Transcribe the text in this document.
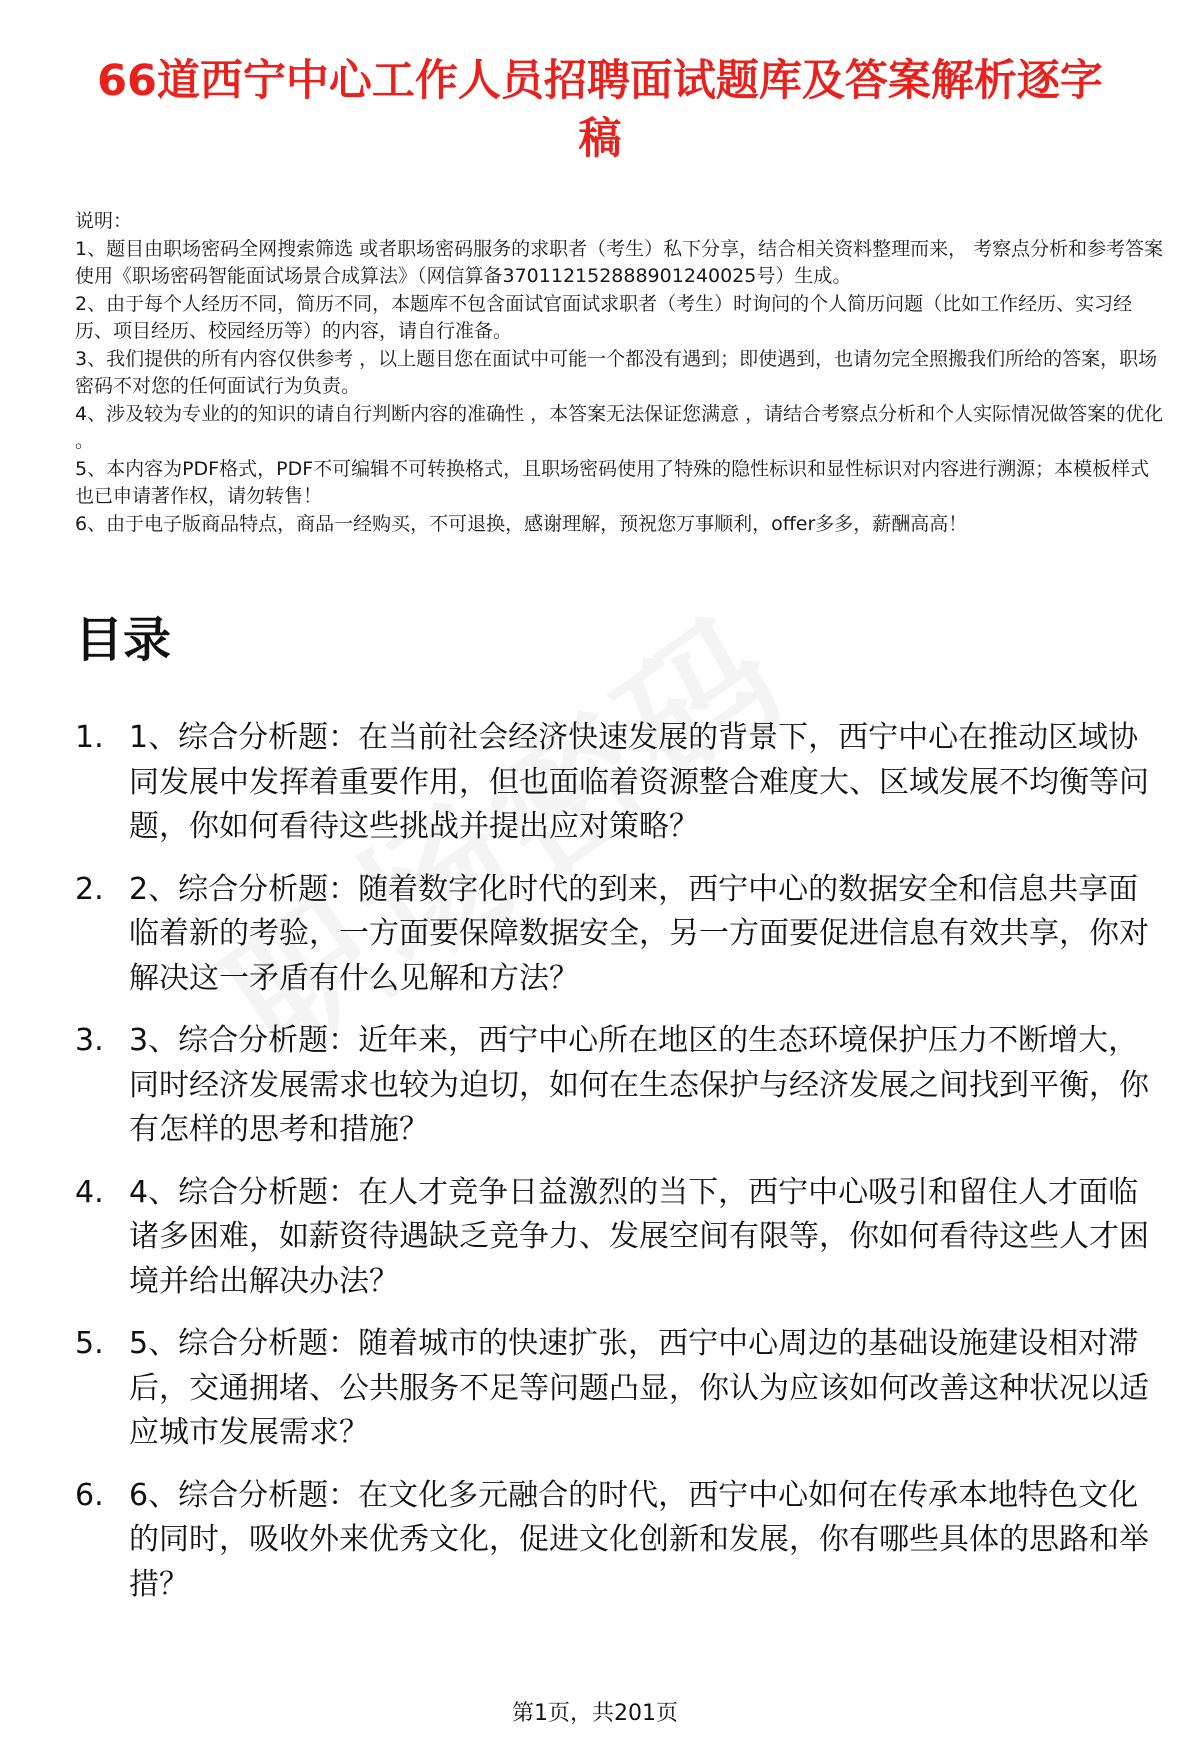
66道西宁中心工作人员招聘面试题库及答案解析逐字稿

说明：

1、题目由职场密码全网搜索筛选 或者职场密码服务的求职者（考生）私下分享，结合相关资料整理而来， 考察点分析和参考答案使用《职场密码智能面试场景合成算法》（网信算备370112152888901240025号）生成。

2、由于每个人经历不同，简历不同，本题库不包含面试官面试求职者（考生）时询问的个人简历问题（比如工作经历、实习经历、项目经历、校园经历等）的内容，请自行准备。

3、我们提供的所有内容仅供参考 ，以上题目您在面试中可能一个都没有遇到；即使遇到，也请勿完全照搬我们所给的答案，职场密码不对您的任何面试行为负责。

4、涉及较为专业的的知识的请自行判断内容的准确性 ，本答案无法保证您满意 ，请结合考察点分析和个人实际情况做答案的优化 。

5、本内容为PDF格式，PDF不可编辑不可转换格式，且职场密码使用了特殊的隐性标识和显性标识对内容进行溯源；本模板样式也已申请著作权，请勿转售！

6、由于电子版商品特点，商品一经购买，不可退换，感谢理解，预祝您万事顺利，offer多多，薪酬高高！

目录
1. 1、综合分析题：在当前社会经济快速发展的背景下，西宁中心在推动区域协同发展中发挥着重要作用，但也面临着资源整合难度大、区域发展不均衡等问题，你如何看待这些挑战并提出应对策略？
2. 2、综合分析题：随着数字化时代的到来，西宁中心的数据安全和信息共享面临着新的考验，一方面要保障数据安全，另一方面要促进信息有效共享，你对解决这一矛盾有什么见解和方法？
3. 3、综合分析题：近年来，西宁中心所在地区的生态环境保护压力不断增大，同时经济发展需求也较为迫切，如何在生态保护与经济发展之间找到平衡，你有怎样的思考和措施？
4. 4、综合分析题：在人才竞争日益激烈的当下，西宁中心吸引和留住人才面临诸多困难，如薪资待遇缺乏竞争力、发展空间有限等，你如何看待这些人才困境并给出解决办法？
5. 5、综合分析题：随着城市的快速扩张，西宁中心周边的基础设施建设相对滞后，交通拥堵、公共服务不足等问题凸显，你认为应该如何改善这种状况以适应城市发展需求？
6. 6、综合分析题：在文化多元融合的时代，西宁中心如何在传承本地特色文化的同时，吸收外来优秀文化，促进文化创新和发展，你有哪些具体的思路和举措？
第1页，共201页
